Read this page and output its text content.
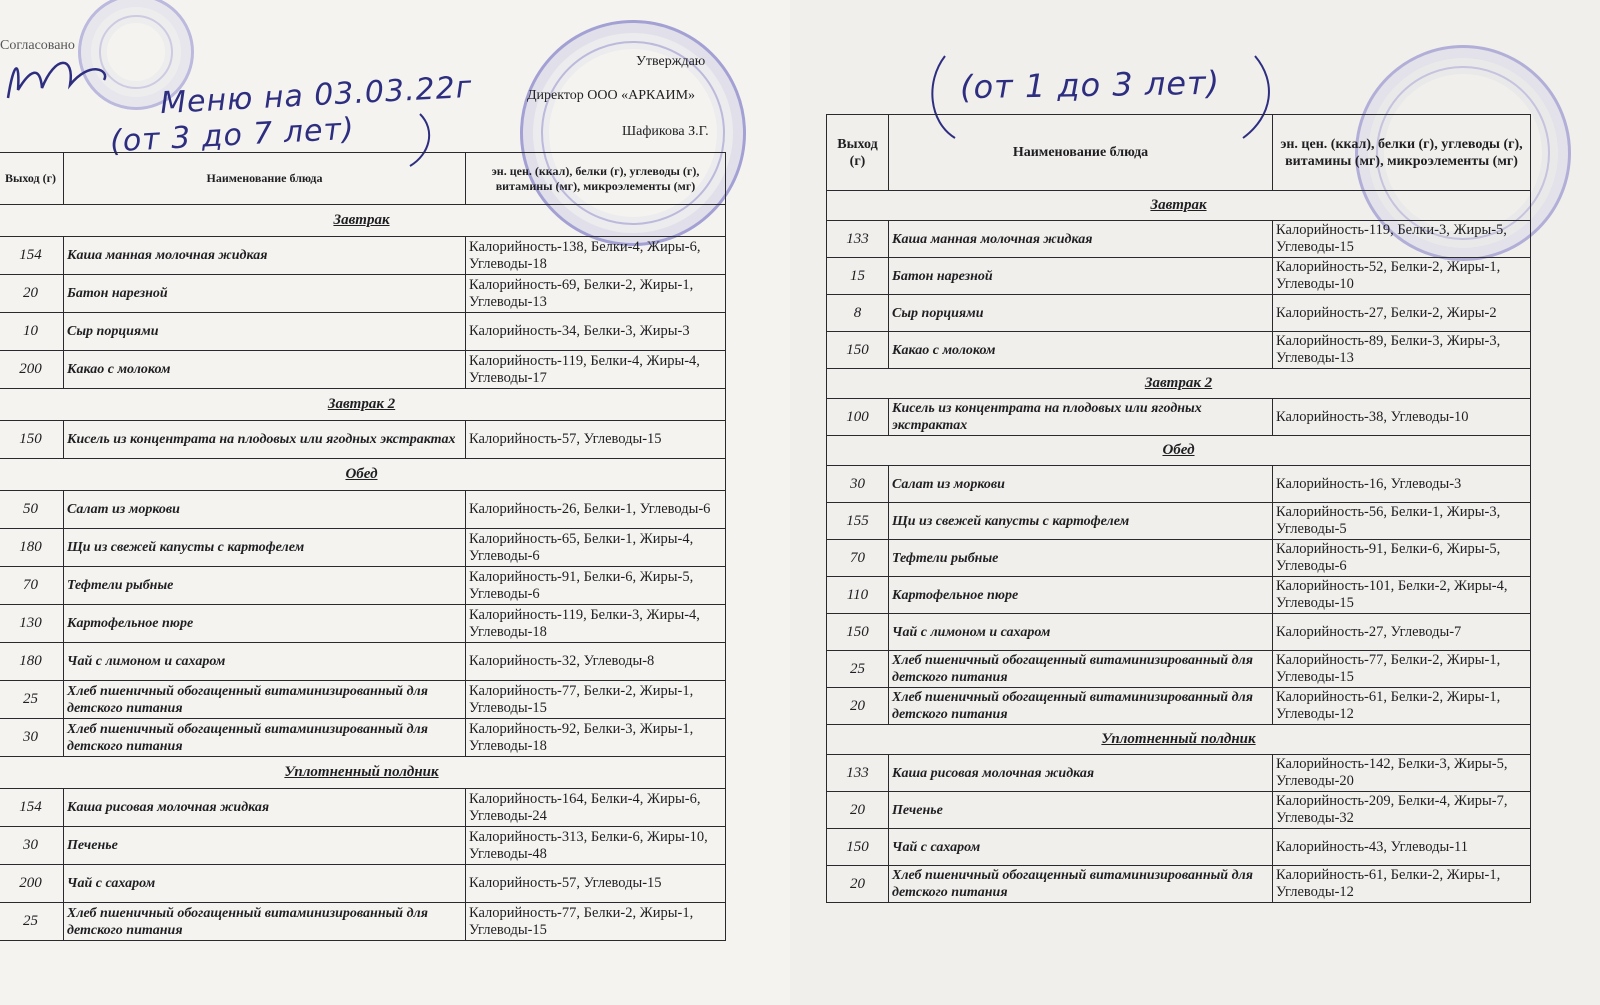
Согласовано
Меню на 03.03.22г
(от 3 до 7 лет)
Утверждаю
Директор ООО «АРКАИМ»
Шафикова З.Г.
Выход (г)	Наименование блюда	эн. цен. (ккал), белки (г), углеводы (г), витамины (мг), микроэлементы (мг)
Завтрак		
154	Каша манная молочная жидкая	Калорийность-138, Белки-4, Жиры-6, Углеводы-18
20	Батон нарезной	Калорийность-69, Белки-2, Жиры-1, Углеводы-13
10	Сыр порциями	Калорийность-34, Белки-3, Жиры-3
200	Какао с молоком	Калорийность-119, Белки-4, Жиры-4, Углеводы-17
Завтрак 2		
150	Кисель из концентрата на плодовых или ягодных экстрактах	Калорийность-57, Углеводы-15
Обед		
50	Салат из моркови	Калорийность-26, Белки-1, Углеводы-6
180	Щи из свежей капусты с картофелем	Калорийность-65, Белки-1, Жиры-4, Углеводы-6
70	Тефтели рыбные	Калорийность-91, Белки-6, Жиры-5, Углеводы-6
130	Картофельное пюре	Калорийность-119, Белки-3, Жиры-4, Углеводы-18
180	Чай с лимоном и сахаром	Калорийность-32, Углеводы-8
25	Хлеб пшеничный обогащенный витаминизированный для детского питания	Калорийность-77, Белки-2, Жиры-1, Углеводы-15
30	Хлеб пшеничный обогащенный витаминизированный для детского питания	Калорийность-92, Белки-3, Жиры-1, Углеводы-18
Уплотненный полдник		
154	Каша рисовая молочная жидкая	Калорийность-164, Белки-4, Жиры-6, Углеводы-24
30	Печенье	Калорийность-313, Белки-6, Жиры-10, Углеводы-48
200	Чай с сахаром	Калорийность-57, Углеводы-15
25	Хлеб пшеничный обогащенный витаминизированный для детского питания	Калорийность-77, Белки-2, Жиры-1, Углеводы-15
(от 1 до 3 лет)
Выход (г)	Наименование блюда	эн. цен. (ккал), белки (г), углеводы (г), витамины (мг), микроэлементы (мг)
Завтрак		
133	Каша манная молочная жидкая	Калорийность-119, Белки-3, Жиры-5, Углеводы-15
15	Батон нарезной	Калорийность-52, Белки-2, Жиры-1, Углеводы-10
8	Сыр порциями	Калорийность-27, Белки-2, Жиры-2
150	Какао с молоком	Калорийность-89, Белки-3, Жиры-3, Углеводы-13
Завтрак 2		
100	Кисель из концентрата на плодовых или ягодных экстрактах	Калорийность-38, Углеводы-10
Обед		
30	Салат из моркови	Калорийность-16, Углеводы-3
155	Щи из свежей капусты с картофелем	Калорийность-56, Белки-1, Жиры-3, Углеводы-5
70	Тефтели рыбные	Калорийность-91, Белки-6, Жиры-5, Углеводы-6
110	Картофельное пюре	Калорийность-101, Белки-2, Жиры-4, Углеводы-15
150	Чай с лимоном и сахаром	Калорийность-27, Углеводы-7
25	Хлеб пшеничный обогащенный витаминизированный для детского питания	Калорийность-77, Белки-2, Жиры-1, Углеводы-15
20	Хлеб пшеничный обогащенный витаминизированный для детского питания	Калорийность-61, Белки-2, Жиры-1, Углеводы-12
Уплотненный полдник		
133	Каша рисовая молочная жидкая	Калорийность-142, Белки-3, Жиры-5, Углеводы-20
20	Печенье	Калорийность-209, Белки-4, Жиры-7, Углеводы-32
150	Чай с сахаром	Калорийность-43, Углеводы-11
20	Хлеб пшеничный обогащенный витаминизированный для детского питания	Калорийность-61, Белки-2, Жиры-1, Углеводы-12
